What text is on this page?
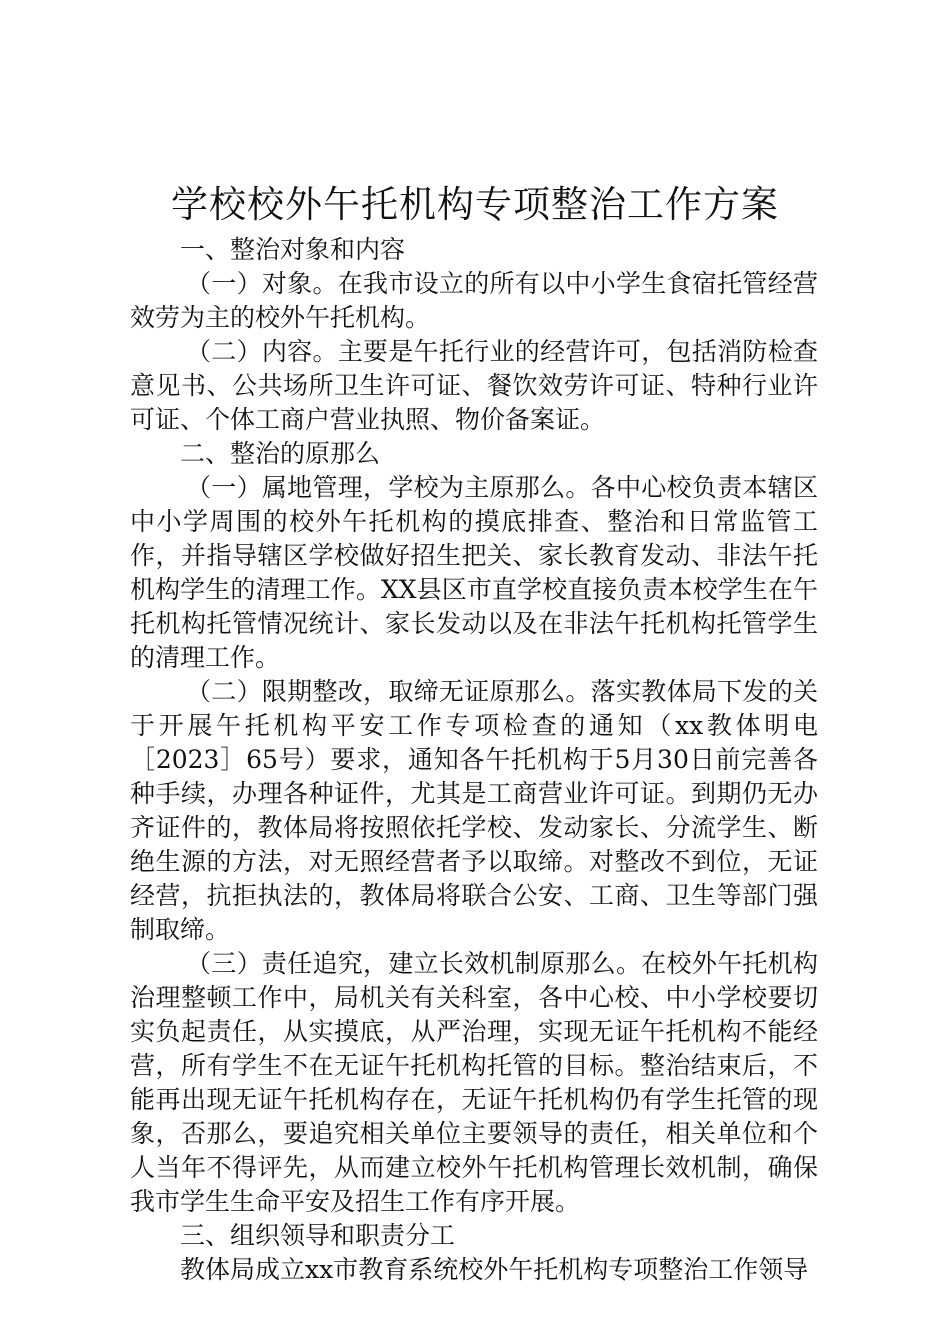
学校校外午托机构专项整治工作方案

一、整治对象和内容

（一）对象。在我市设立的所有以中小学生食宿托管经营效劳为主的校外午托机构。

（二）内容。主要是午托行业的经营许可，包括消防检查意见书、公共场所卫生许可证、餐饮效劳许可证、特种行业许可证、个体工商户营业执照、物价备案证。

二、整治的原那么

（一）属地管理，学校为主原那么。各中心校负责本辖区中小学周围的校外午托机构的摸底排查、整治和日常监管工作，并指导辖区学校做好招生把关、家长教育发动、非法午托机构学生的清理工作。XX县区市直学校直接负责本校学生在午托机构托管情况统计、家长发动以及在非法午托机构托管学生的清理工作。

（二）限期整改，取缔无证原那么。落实教体局下发的关于开展午托机构平安工作专项检查的通知（xx教体明电［2023］65号）要求，通知各午托机构于5月30日前完善各种手续，办理各种证件，尤其是工商营业许可证。到期仍无办齐证件的，教体局将按照依托学校、发动家长、分流学生、断绝生源的方法，对无照经营者予以取缔。对整改不到位，无证经营，抗拒执法的，教体局将联合公安、工商、卫生等部门强制取缔。

（三）责任追究，建立长效机制原那么。在校外午托机构治理整顿工作中，局机关有关科室，各中心校、中小学校要切实负起责任，从实摸底，从严治理，实现无证午托机构不能经营，所有学生不在无证午托机构托管的目标。整治结束后，不能再出现无证午托机构存在，无证午托机构仍有学生托管的现象，否那么，要追究相关单位主要领导的责任，相关单位和个人当年不得评先，从而建立校外午托机构管理长效机制，确保我市学生生命平安及招生工作有序开展。

三、组织领导和职责分工

教体局成立xx市教育系统校外午托机构专项整治工作领导
